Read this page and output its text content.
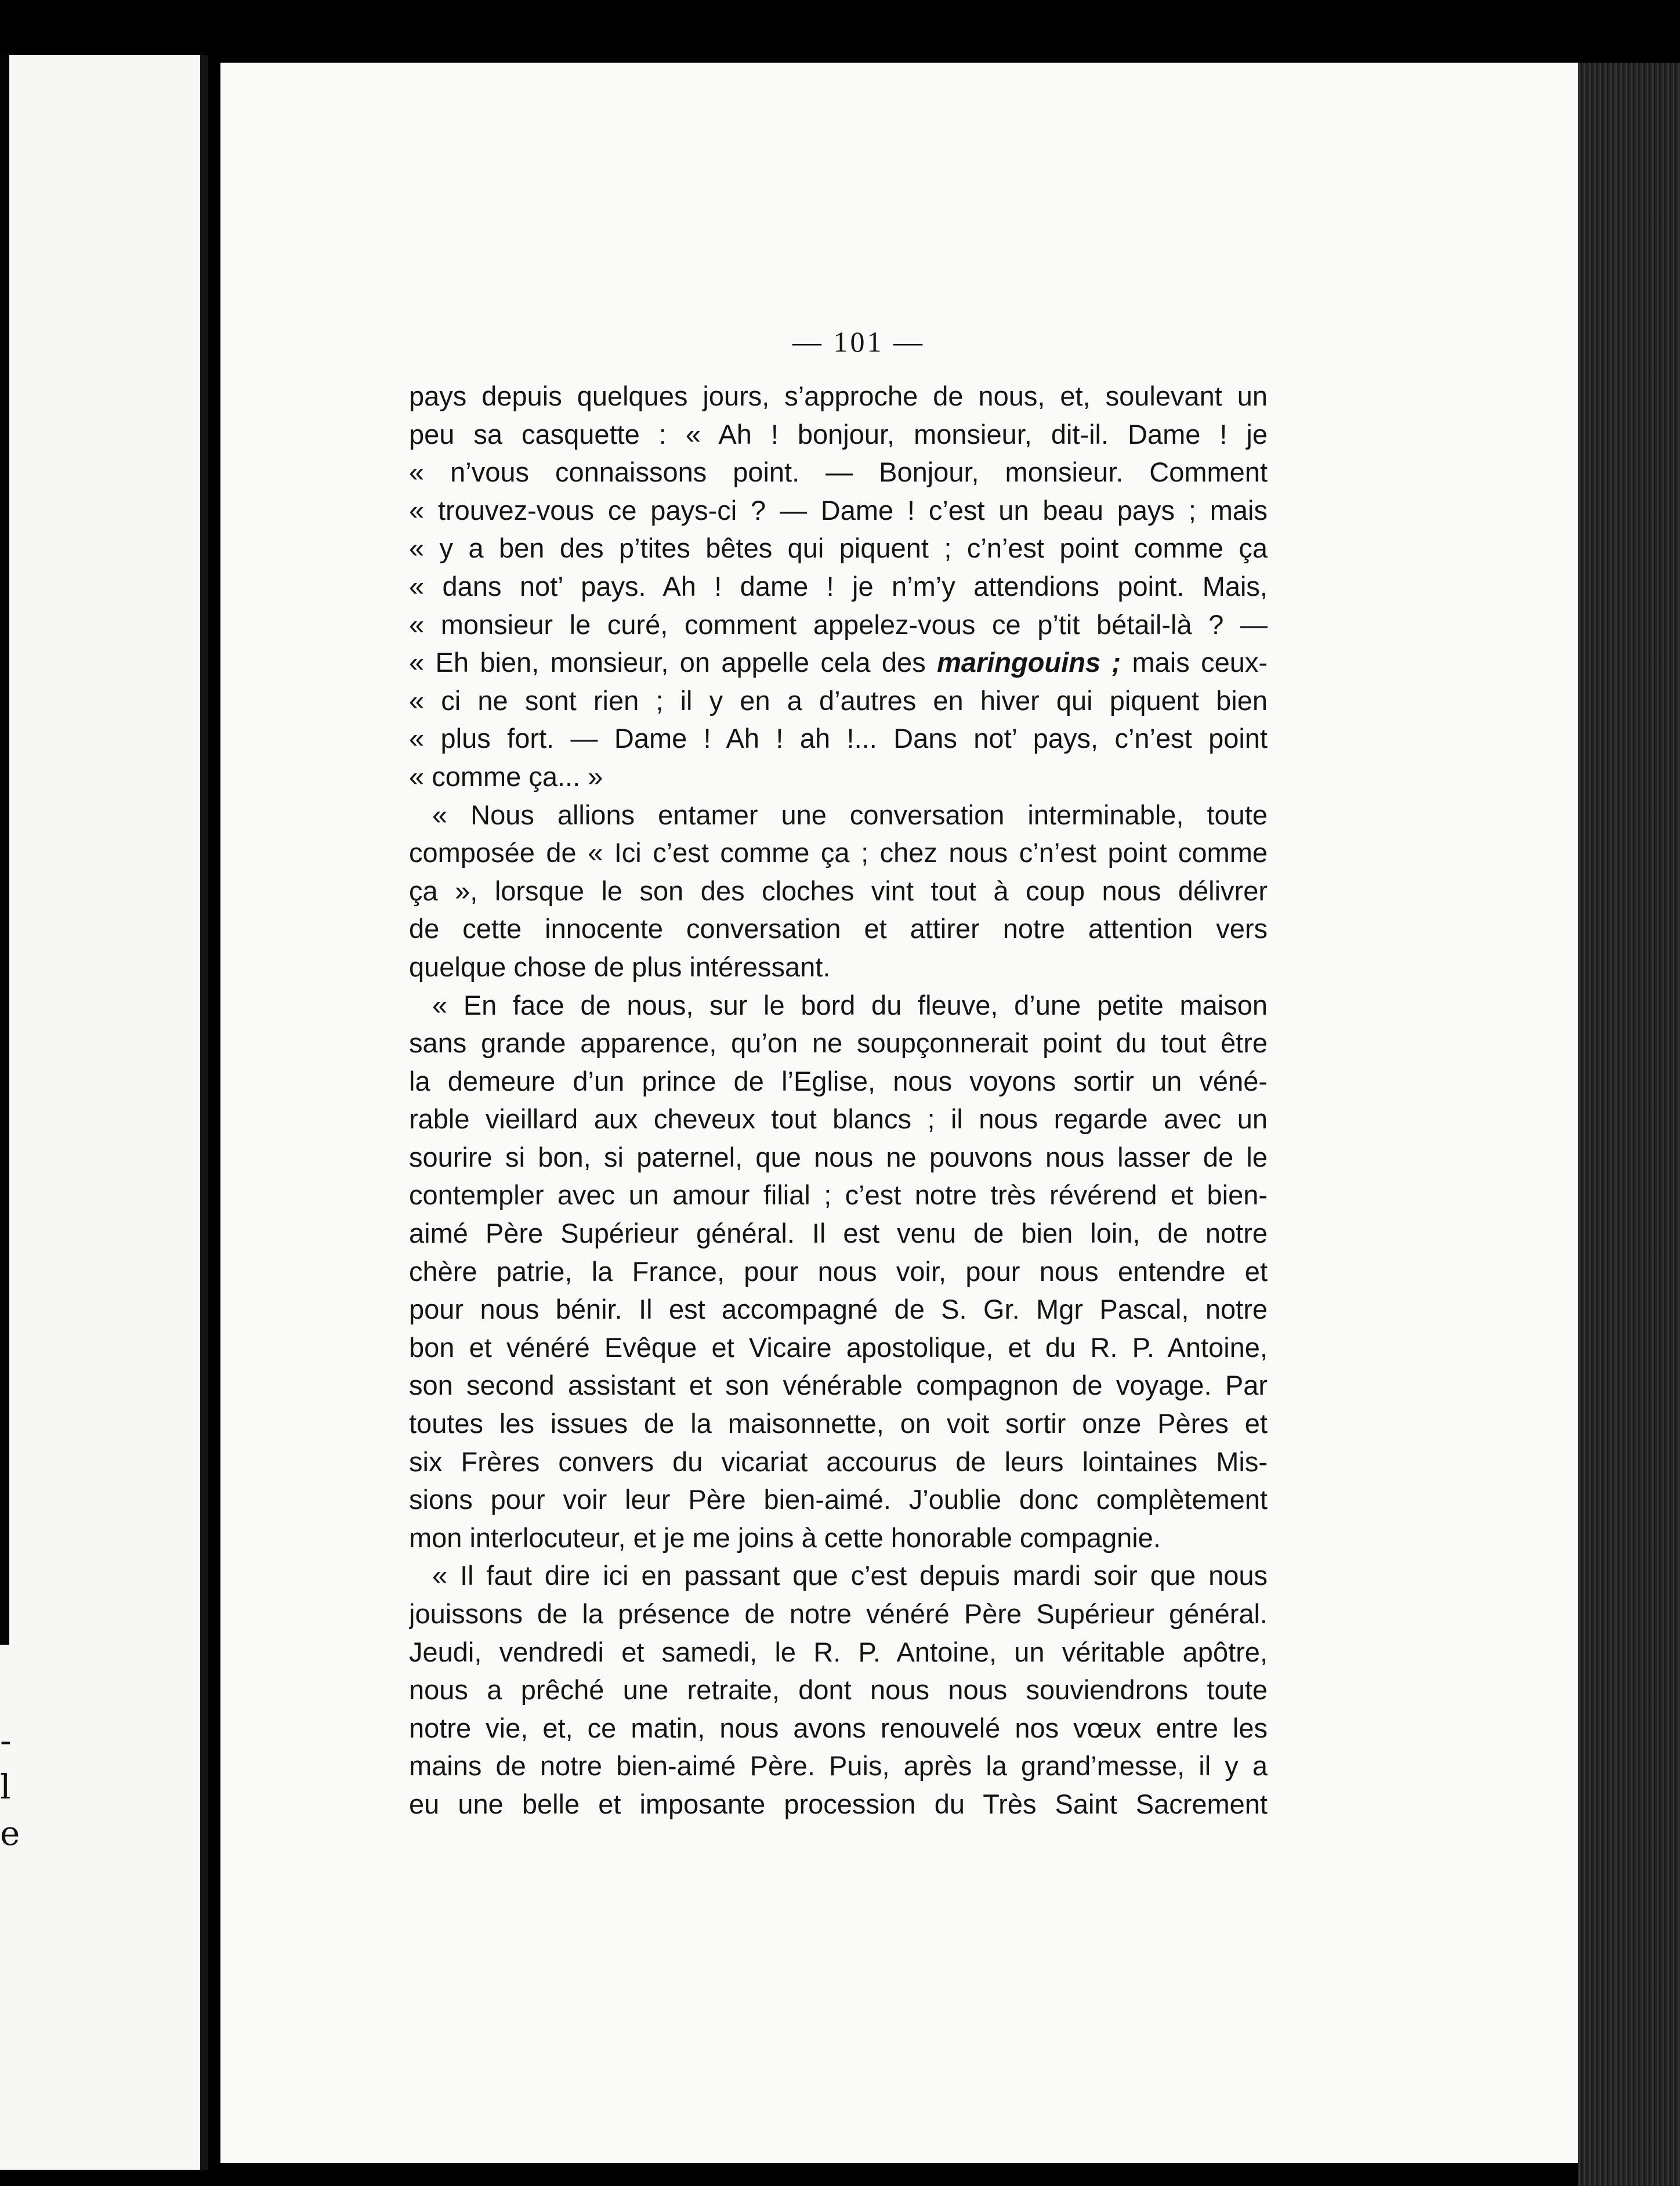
-
l
e
— 101 —
pays depuis quelques jours, s’approche de nous, et, soulevant un
peu sa casquette : « Ah ! bonjour, monsieur, dit-il. Dame ! je
« n’vous connaissons point. — Bonjour, monsieur. Comment
« trouvez-vous ce pays-ci ? — Dame ! c’est un beau pays ; mais
« y a ben des p’tites bêtes qui piquent ; c’n’est point comme ça
« dans not’ pays. Ah ! dame ! je n’m’y attendions point. Mais,
« monsieur le curé, comment appelez-vous ce p’tit bétail-là ? —
« Eh bien, monsieur, on appelle cela des maringouins ; mais ceux-
« ci ne sont rien ; il y en a d’autres en hiver qui piquent bien
« plus fort. — Dame ! Ah ! ah !... Dans not’ pays, c’n’est point
« comme ça... »
« Nous allions entamer une conversation interminable, toute
composée de « Ici c’est comme ça ; chez nous c’n’est point comme
ça », lorsque le son des cloches vint tout à coup nous délivrer
de cette innocente conversation et attirer notre attention vers
quelque chose de plus intéressant.
« En face de nous, sur le bord du fleuve, d’une petite maison
sans grande apparence, qu’on ne soupçonnerait point du tout être
la demeure d’un prince de l’Eglise, nous voyons sortir un véné-
rable vieillard aux cheveux tout blancs ; il nous regarde avec un
sourire si bon, si paternel, que nous ne pouvons nous lasser de le
contempler avec un amour filial ; c’est notre très révérend et bien-
aimé Père Supérieur général. Il est venu de bien loin, de notre
chère patrie, la France, pour nous voir, pour nous entendre et
pour nous bénir. Il est accompagné de S. Gr. Mgr Pascal, notre
bon et vénéré Evêque et Vicaire apostolique, et du R. P. Antoine,
son second assistant et son vénérable compagnon de voyage. Par
toutes les issues de la maisonnette, on voit sortir onze Pères et
six Frères convers du vicariat accourus de leurs lointaines Mis-
sions pour voir leur Père bien-aimé. J’oublie donc complètement
mon interlocuteur, et je me joins à cette honorable compagnie.
« Il faut dire ici en passant que c’est depuis mardi soir que nous
jouissons de la présence de notre vénéré Père Supérieur général.
Jeudi, vendredi et samedi, le R. P. Antoine, un véritable apôtre,
nous a prêché une retraite, dont nous nous souviendrons toute
notre vie, et, ce matin, nous avons renouvelé nos vœux entre les
mains de notre bien-aimé Père. Puis, après la grand’messe, il y a
eu une belle et imposante procession du Très Saint Sacrement
